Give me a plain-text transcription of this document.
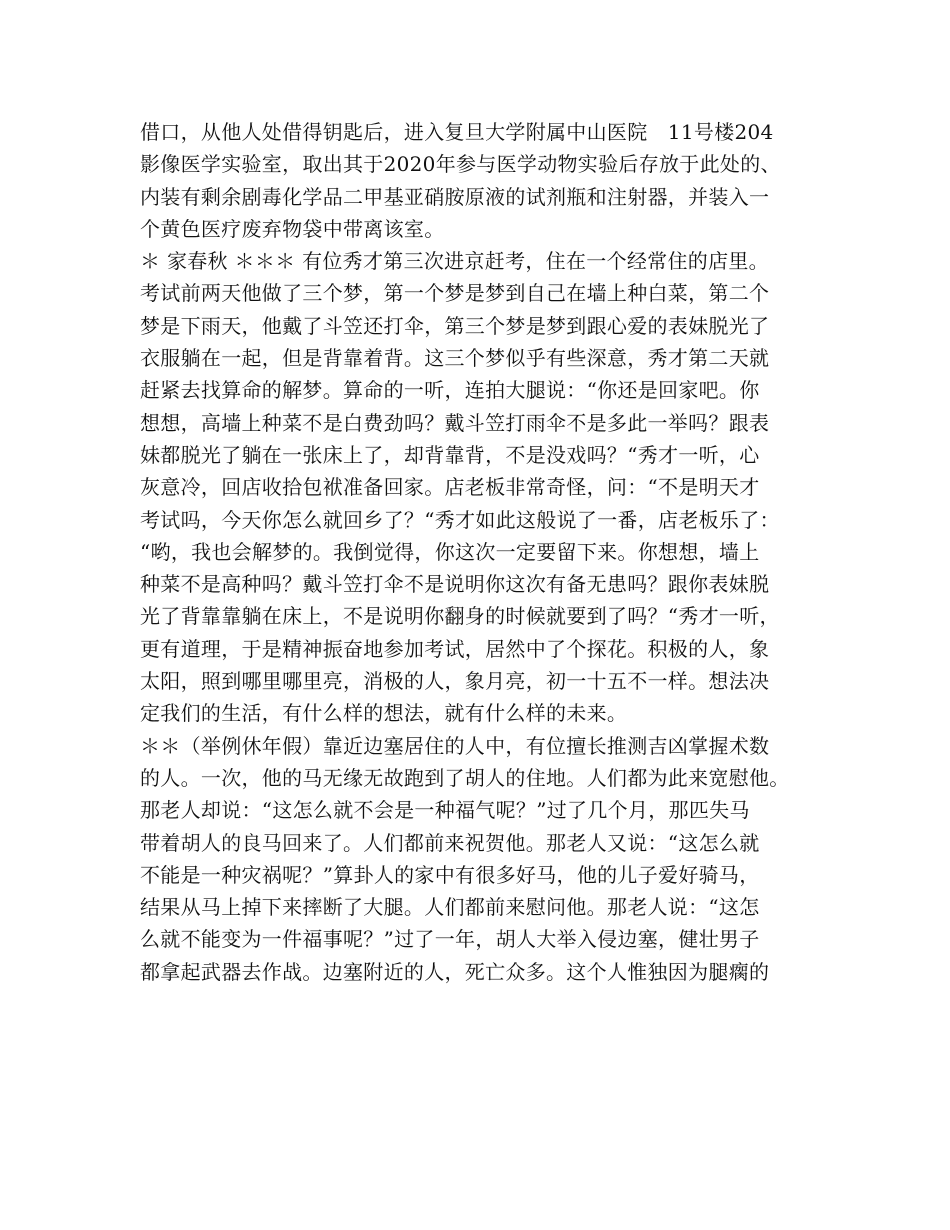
借口，从他人处借得钥匙后，进入复旦大学附属中山医院　11号楼204
影像医学实验室，取出其于2020年参与医学动物实验后存放于此处的、
内装有剩余剧毒化学品二甲基亚硝胺原液的试剂瓶和注射器，并装入一
个黄色医疗废弃物袋中带离该室。
＊ 家春秋 ＊＊＊ 有位秀才第三次进京赶考，住在一个经常住的店里。
考试前两天他做了三个梦，第一个梦是梦到自己在墙上种白菜，第二个
梦是下雨天，他戴了斗笠还打伞，第三个梦是梦到跟心爱的表妹脱光了
衣服躺在一起，但是背靠着背。这三个梦似乎有些深意，秀才第二天就
赶紧去找算命的解梦。算命的一听，连拍大腿说：“你还是回家吧。你
想想，高墙上种菜不是白费劲吗？戴斗笠打雨伞不是多此一举吗？跟表
妹都脱光了躺在一张床上了，却背靠背，不是没戏吗？“秀才一听，心
灰意冷，回店收拾包袱准备回家。店老板非常奇怪，问：“不是明天才
考试吗，今天你怎么就回乡了？“秀才如此这般说了一番，店老板乐了：
“哟，我也会解梦的。我倒觉得，你这次一定要留下来。你想想，墙上
种菜不是高种吗？戴斗笠打伞不是说明你这次有备无患吗？跟你表妹脱
光了背靠靠躺在床上，不是说明你翻身的时候就要到了吗？“秀才一听，
更有道理，于是精神振奋地参加考试，居然中了个探花。积极的人，象
太阳，照到哪里哪里亮，消极的人，象月亮，初一十五不一样。想法决
定我们的生活，有什么样的想法，就有什么样的未来。
＊＊（举例休年假）靠近边塞居住的人中，有位擅长推测吉凶掌握术数
的人。一次，他的马无缘无故跑到了胡人的住地。人们都为此来宽慰他。
那老人却说：“这怎么就不会是一种福气呢？”过了几个月，那匹失马
带着胡人的良马回来了。人们都前来祝贺他。那老人又说：“这怎么就
不能是一种灾祸呢？”算卦人的家中有很多好马，他的儿子爱好骑马，
结果从马上掉下来摔断了大腿。人们都前来慰问他。那老人说：“这怎
么就不能变为一件福事呢？”过了一年，胡人大举入侵边塞，健壮男子
都拿起武器去作战。边塞附近的人，死亡众多。这个人惟独因为腿瘸的
